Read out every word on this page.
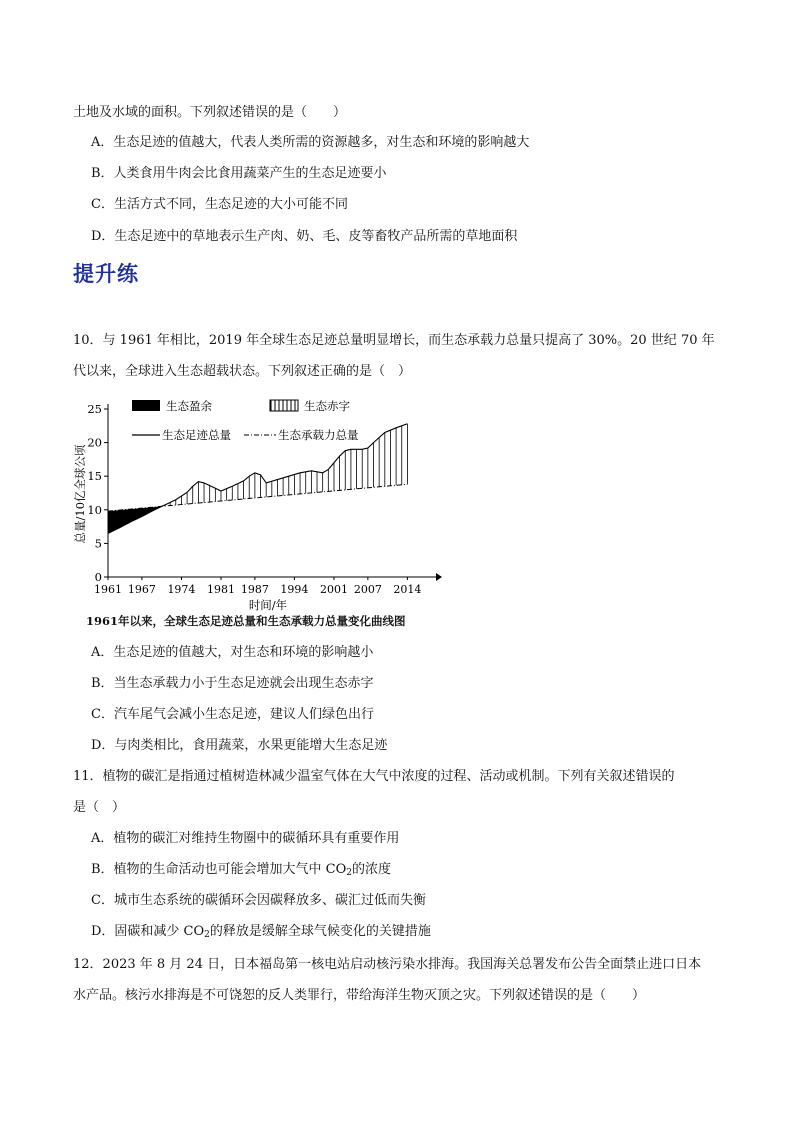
土地及水域的面积。下列叙述错误的是（　　）
A．生态足迹的值越大，代表人类所需的资源越多，对生态和环境的影响越大
B．人类食用牛肉会比食用蔬菜产生的生态足迹要小
C．生活方式不同，生态足迹的大小可能不同
D．生态足迹中的草地表示生产肉、奶、毛、皮等畜牧产品所需的草地面积
提升练
10．与 1961 年相比，2019 年全球生态足迹总量明显增长，而生态承载力总量只提高了 30%。20 世纪 70 年
代以来，全球进入生态超载状态。下列叙述正确的是（　）
0
5
10
15
20
25
1961 1967 1974 1981 1987 1994 2001 2007 2014
生态盈余	生态赤字
生态足迹总量	生态承载力总量
总量/10亿全球公顷
时间/年
1961年以来，全球生态足迹总量和生态承载力总量变化曲线图
A．生态足迹的值越大，对生态和环境的影响越小
B．当生态承载力小于生态足迹就会出现生态赤字
C．汽车尾气会减小生态足迹，建议人们绿色出行
D．与肉类相比，食用蔬菜，水果更能增大生态足迹
11．植物的碳汇是指通过植树造林减少温室气体在大气中浓度的过程、活动或机制。下列有关叙述错误的
是（　）
A．植物的碳汇对维持生物圈中的碳循环具有重要作用
B．植物的生命活动也可能会增加大气中 $CO_2$的浓度
C．城市生态系统的碳循环会因碳释放多、碳汇过低而失衡
D．固碳和减少 $CO_2$的释放是缓解全球气候变化的关键措施
12．2023 年 8 月 24 日，日本福岛第一核电站启动核污染水排海。我国海关总署发布公告全面禁止进口日本
水产品。核污水排海是不可饶恕的反人类罪行，带给海洋生物灭顶之灾。下列叙述错误的是（　　）
